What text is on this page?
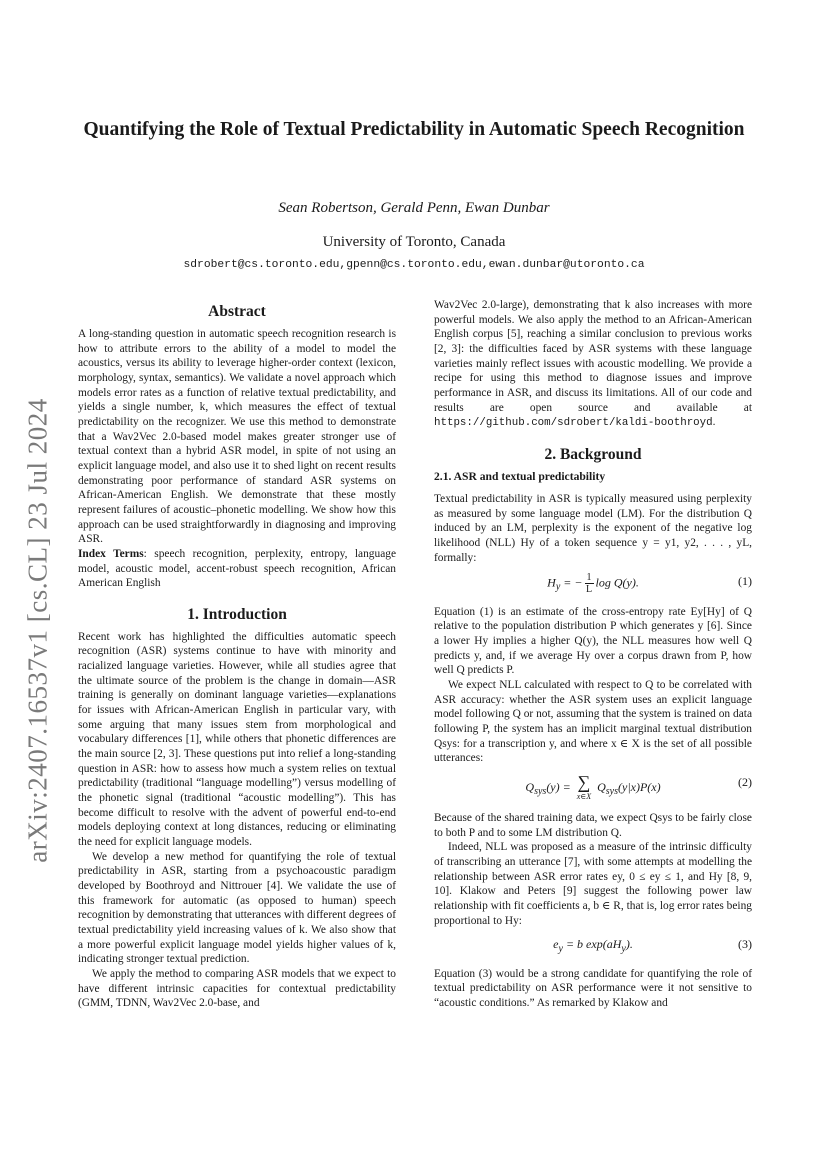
arXiv:2407.16537v1 [cs.CL] 23 Jul 2024
Quantifying the Role of Textual Predictability in Automatic Speech Recognition
Sean Robertson, Gerald Penn, Ewan Dunbar
University of Toronto, Canada
sdrobert@cs.toronto.edu,gpenn@cs.toronto.edu,ewan.dunbar@utoronto.ca
Abstract

A long-standing question in automatic speech recognition research is how to attribute errors to the ability of a model to model the acoustics, versus its ability to leverage higher-order context (lexicon, morphology, syntax, semantics). We validate a novel approach which models error rates as a function of relative textual predictability, and yields a single number, k, which measures the effect of textual predictability on the recognizer. We use this method to demonstrate that a Wav2Vec 2.0-based model makes greater stronger use of textual context than a hybrid ASR model, in spite of not using an explicit language model, and also use it to shed light on recent results demonstrating poor performance of standard ASR systems on African-American English. We demonstrate that these mostly represent failures of acoustic–phonetic modelling. We show how this approach can be used straightforwardly in diagnosing and improving ASR.

Index Terms: speech recognition, perplexity, entropy, language model, acoustic model, accent-robust speech recognition, African American English

1. Introduction

Recent work has highlighted the difficulties automatic speech recognition (ASR) systems continue to have with minority and racialized language varieties. However, while all studies agree that the ultimate source of the problem is the change in domain—ASR training is generally on dominant language varieties—explanations for issues with African-American English in particular vary, with some arguing that many issues stem from morphological and vocabulary differences [1], while others that phonetic differences are the main source [2, 3]. These questions put into relief a long-standing question in ASR: how to assess how much a system relies on textual predictability (traditional “language modelling”) versus modelling of the phonetic signal (traditional “acoustic modelling”). This has become difficult to resolve with the advent of powerful end-to-end models deploying context at long distances, reducing or eliminating the need for explicit language models.

We develop a new method for quantifying the role of textual predictability in ASR, starting from a psychoacoustic paradigm developed by Boothroyd and Nittrouer [4]. We validate the use of this framework for automatic (as opposed to human) speech recognition by demonstrating that utterances with different degrees of textual predictability yield increasing values of k. We also show that a more powerful explicit language model yields higher values of k, indicating stronger textual prediction.

We apply the method to comparing ASR models that we expect to have different intrinsic capacities for contextual predictability (GMM, TDNN, Wav2Vec 2.0-base, and

Wav2Vec 2.0-large), demonstrating that k also increases with more powerful models. We also apply the method to an African-American English corpus [5], reaching a similar conclusion to previous works [2, 3]: the difficulties faced by ASR systems with these language varieties mainly reflect issues with acoustic modelling. We provide a recipe for using this method to diagnose issues and improve performance in ASR, and discuss its limitations. All of our code and results are open source and available at https://github.com/sdrobert/kaldi-boothroyd.

2. Background
2.1. ASR and textual predictability

Textual predictability in ASR is typically measured using perplexity as measured by some language model (LM). For the distribution Q induced by an LM, perplexity is the exponent of the negative log likelihood (NLL) Hy of a token sequence y = y1, y2, . . . , yL, formally:

$H_y$ = − $\frac{1}{L}$ log Q(y).	(1)

Equation (1) is an estimate of the cross-entropy rate Ey[Hy] of Q relative to the population distribution P which generates y [6]. Since a lower Hy implies a higher Q(y), the NLL measures how well Q predicts y, and, if we average Hy over a corpus drawn from P, how well Q predicts P.

We expect NLL calculated with respect to Q to be correlated with ASR accuracy: whether the ASR system uses an explicit language model following Q or not, assuming that the system is trained on data following P, the system has an implicit marginal textual distribution Qsys: for a transcription y, and where x ∈ X is the set of all possible utterances:

$Q_{sys}(y)$ = ∑
x∈X
$Q_{sys}(y|x)P(x)$	(2)

Because of the shared training data, we expect Qsys to be fairly close to both P and to some LM distribution Q.

Indeed, NLL was proposed as a measure of the intrinsic difficulty of transcribing an utterance [7], with some attempts at modelling the relationship between ASR error rates ey, 0 ≤ ey ≤ 1, and Hy [8, 9, 10]. Klakow and Peters [9] suggest the following power law relationship with fit coefficients a, b ∈ R, that is, log error rates being proportional to Hy:

$e_y = b$ $\exp(aH_y)$.	(3)

Equation (3) would be a strong candidate for quantifying the role of textual predictability on ASR performance were it not sensitive to “acoustic conditions.” As remarked by Klakow and
